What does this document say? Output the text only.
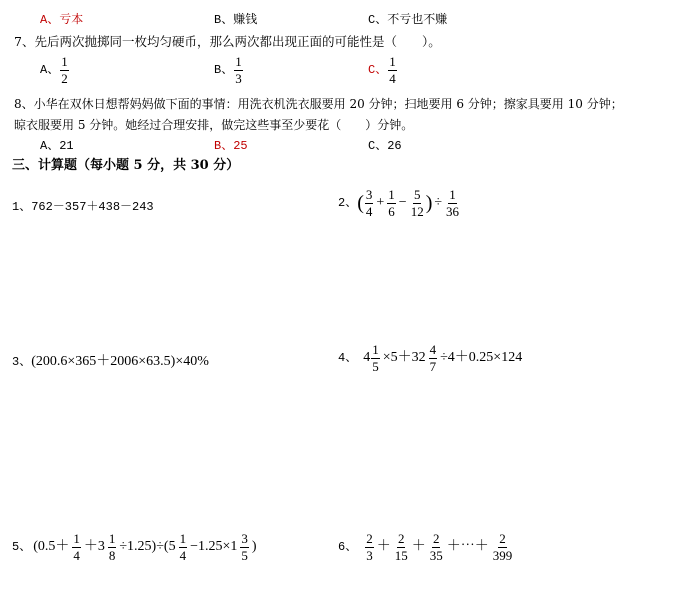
A、亏本	B、赚钱	C、不亏也不赚
7、先后两次抛掷同一枚均匀硬币，那么两次都出现正面的可能性是（　　）。
A、 $\frac{1}{2}$	B、 $\frac{1}{3}$	C、 $\frac{1}{4}$
8、小华在双休日想帮妈妈做下面的事情：用洗衣机洗衣服要用 20 分钟；扫地要用 6 分钟；擦家具要用 10 分钟；
晾衣服要用 5 分钟。她经过合理安排，做完这些事至少要花（　　）分钟。
A、21	B、25	C、26
三、计算题（每小题 5 分，共 30 分）
1、 762－357＋438－243	2、 ( $\frac{3}{4} + \frac{1}{6} - \frac{5}{12}$ ) ÷ $\frac{1}{36}$
3、 (200.6×365＋2006×63.5)×40%	4、 $4 \frac{1}{5} \times 5+32 \frac{4}{7} \div 4+0.25\times 124$
5、 $(0.5+ \frac{1}{4} +3 \frac{1}{8} \div 1.25)\div(5 \frac{1}{4} -1.25\times 1 \frac{3}{5}$ )	6、 $\frac{2}{3} + \frac{2}{15} + \frac{2}{35}$ ＋⋯＋ $\frac{2}{399}$
